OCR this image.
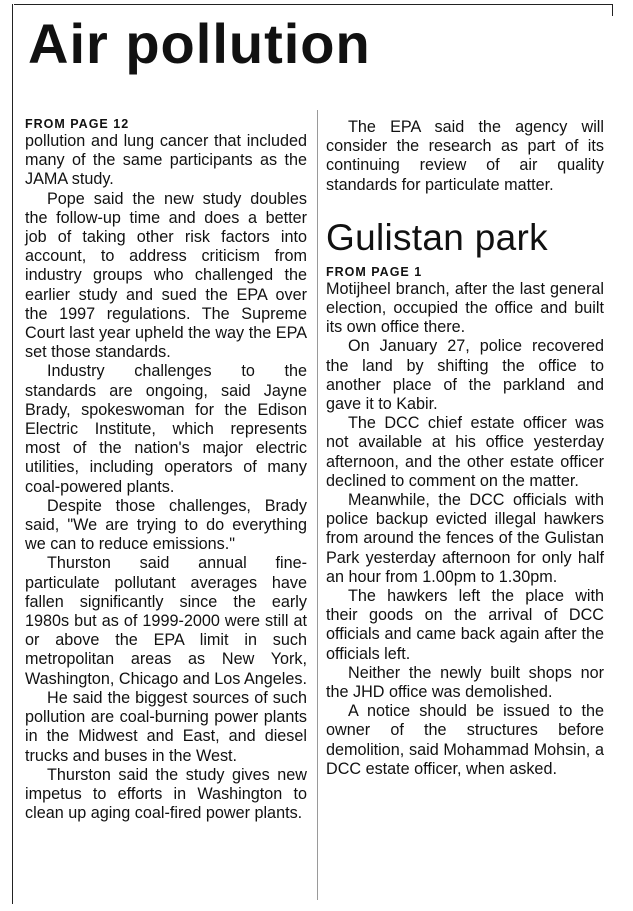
Air pollution
FROM PAGE 12

pollution and lung cancer that included many of the same participants as the JAMA study.

Pope said the new study doubles the follow-up time and does a better job of taking other risk factors into account, to address criticism from industry groups who challenged the earlier study and sued the EPA over the 1997 regulations. The Supreme Court last year upheld the way the EPA set those standards.

Industry challenges to the standards are ongoing, said Jayne Brady, spokeswoman for the Edison Electric Institute, which represents most of the nation's major electric utilities, including operators of many coal-powered plants.

Despite those challenges, Brady said, "We are trying to do everything we can to reduce emissions."

Thurston said annual fine-particulate pollutant averages have fallen significantly since the early 1980s but as of 1999-2000 were still at or above the EPA limit in such metropolitan areas as New York, Washington, Chicago and Los Angeles.

He said the biggest sources of such pollution are coal-burning power plants in the Midwest and East, and diesel trucks and buses in the West.

Thurston said the study gives new impetus to efforts in Washington to clean up aging coal-fired power plants.

The EPA said the agency will consider the research as part of its continuing review of air quality standards for particulate matter.

Gulistan park
FROM PAGE 1

Motijheel branch, after the last general election, occupied the office and built its own office there.

On January 27, police recovered the land by shifting the office to another place of the parkland and gave it to Kabir.

The DCC chief estate officer was not available at his office yesterday afternoon, and the other estate officer declined to comment on the matter.

Meanwhile, the DCC officials with police backup evicted illegal hawkers from around the fences of the Gulistan Park yesterday afternoon for only half an hour from 1.00pm to 1.30pm.

The hawkers left the place with their goods on the arrival of DCC officials and came back again after the officials left.

Neither the newly built shops nor the JHD office was demolished.

A notice should be issued to the owner of the structures before demolition, said Mohammad Mohsin, a DCC estate officer, when asked.
